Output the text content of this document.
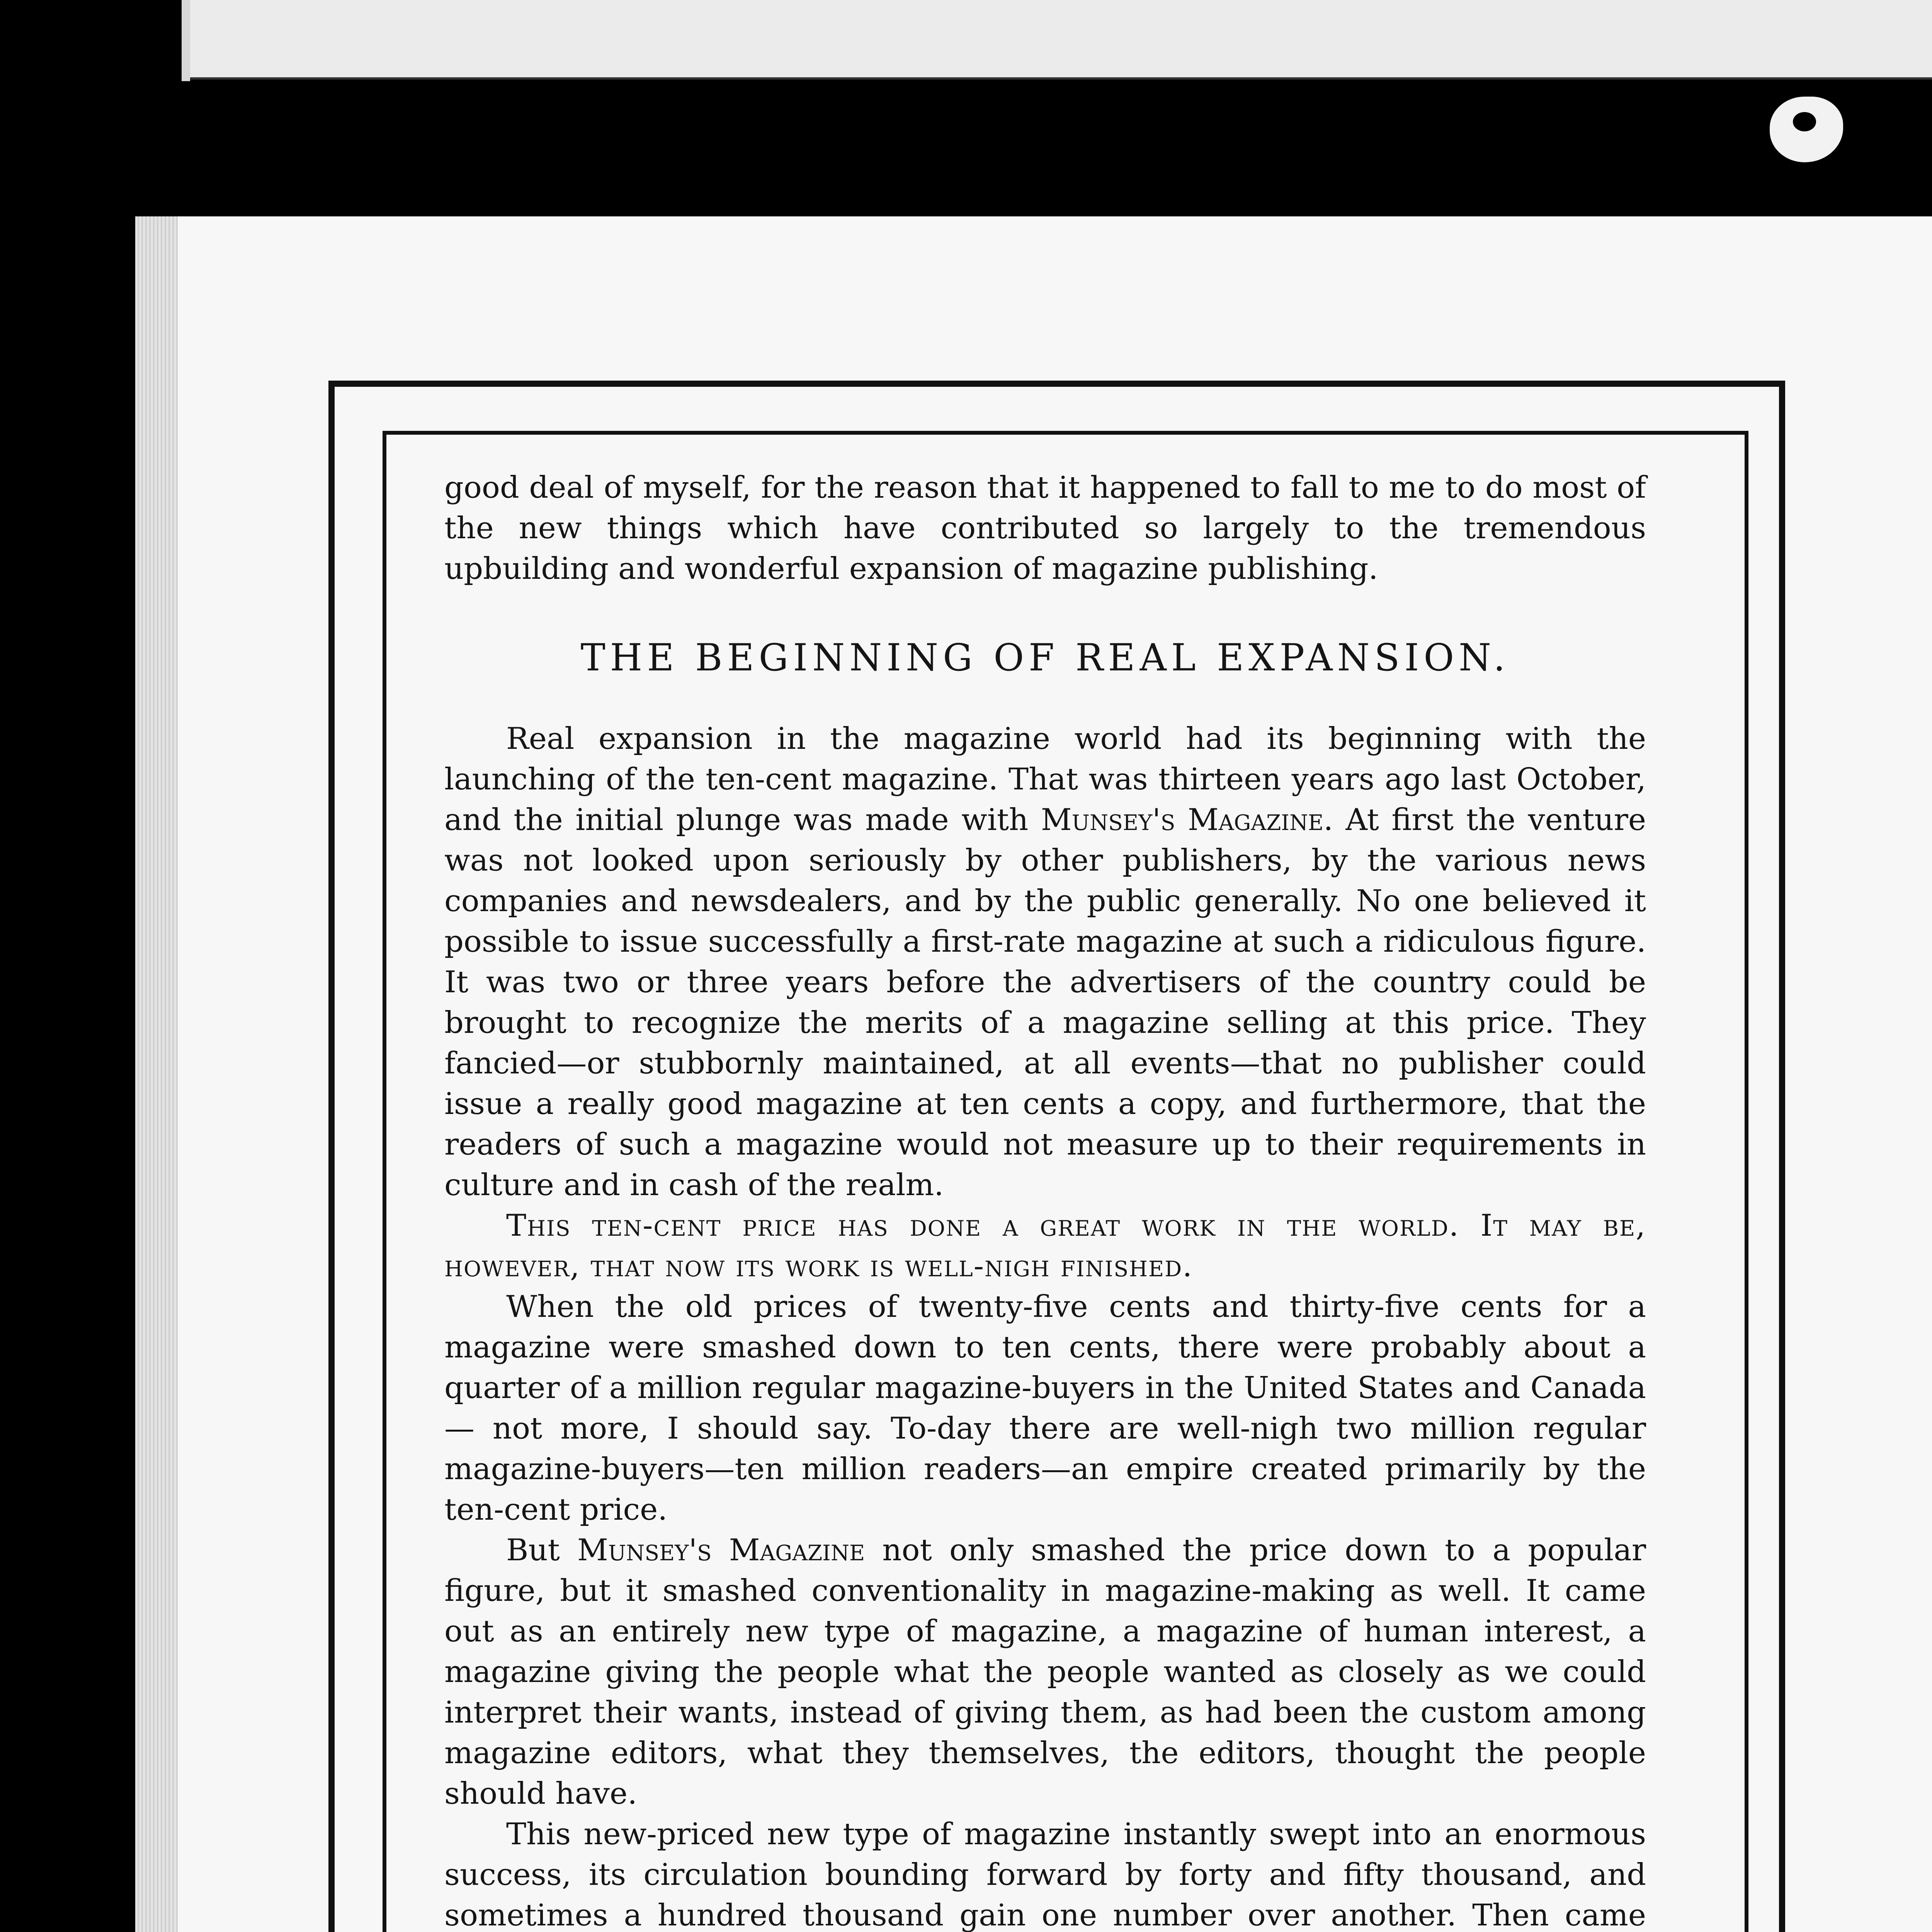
good deal of myself, for the reason that it happened to fall to me to do most of the new things which have contributed so largely to the tremendous upbuilding and wonderful expansion of magazine publishing.

THE BEGINNING OF REAL EXPANSION.

Real expansion in the magazine world had its beginning with the launching of the ten-cent magazine. That was thirteen years ago last October, and the initial plunge was made with Munsey's Magazine. At first the venture was not looked upon seriously by other publishers, by the various news companies and newsdealers, and by the public generally. No one believed it possible to issue successfully a first-rate magazine at such a ridiculous figure. It was two or three years before the advertisers of the country could be brought to recognize the merits of a magazine selling at this price. They fancied—or stubbornly maintained, at all events—that no publisher could issue a really good magazine at ten cents a copy, and furthermore, that the readers of such a magazine would not measure up to their requirements in culture and in cash of the realm.

This ten-cent price has done a great work in the world. It may be, however, that now its work is well-nigh finished.

When the old prices of twenty-five cents and thirty-five cents for a magazine were smashed down to ten cents, there were probably about a quarter of a million regular magazine-buyers in the United States and Canada — not more, I should say. To-day there are well-nigh two million regular magazine-buyers—ten million readers—an empire created primarily by the ten-cent price.

But Munsey's Magazine not only smashed the price down to a popular figure, but it smashed conventionality in magazine-making as well. It came out as an entirely new type of magazine, a magazine of human interest, a magazine giving the people what the people wanted as closely as we could interpret their wants, instead of giving them, as had been the custom among magazine editors, what they themselves, the editors, thought the people should have.

This new-priced new type of magazine instantly swept into an enormous success, its circulation bounding forward by forty and fifty thousand, and sometimes a hundred thousand gain one number over another. Then came
